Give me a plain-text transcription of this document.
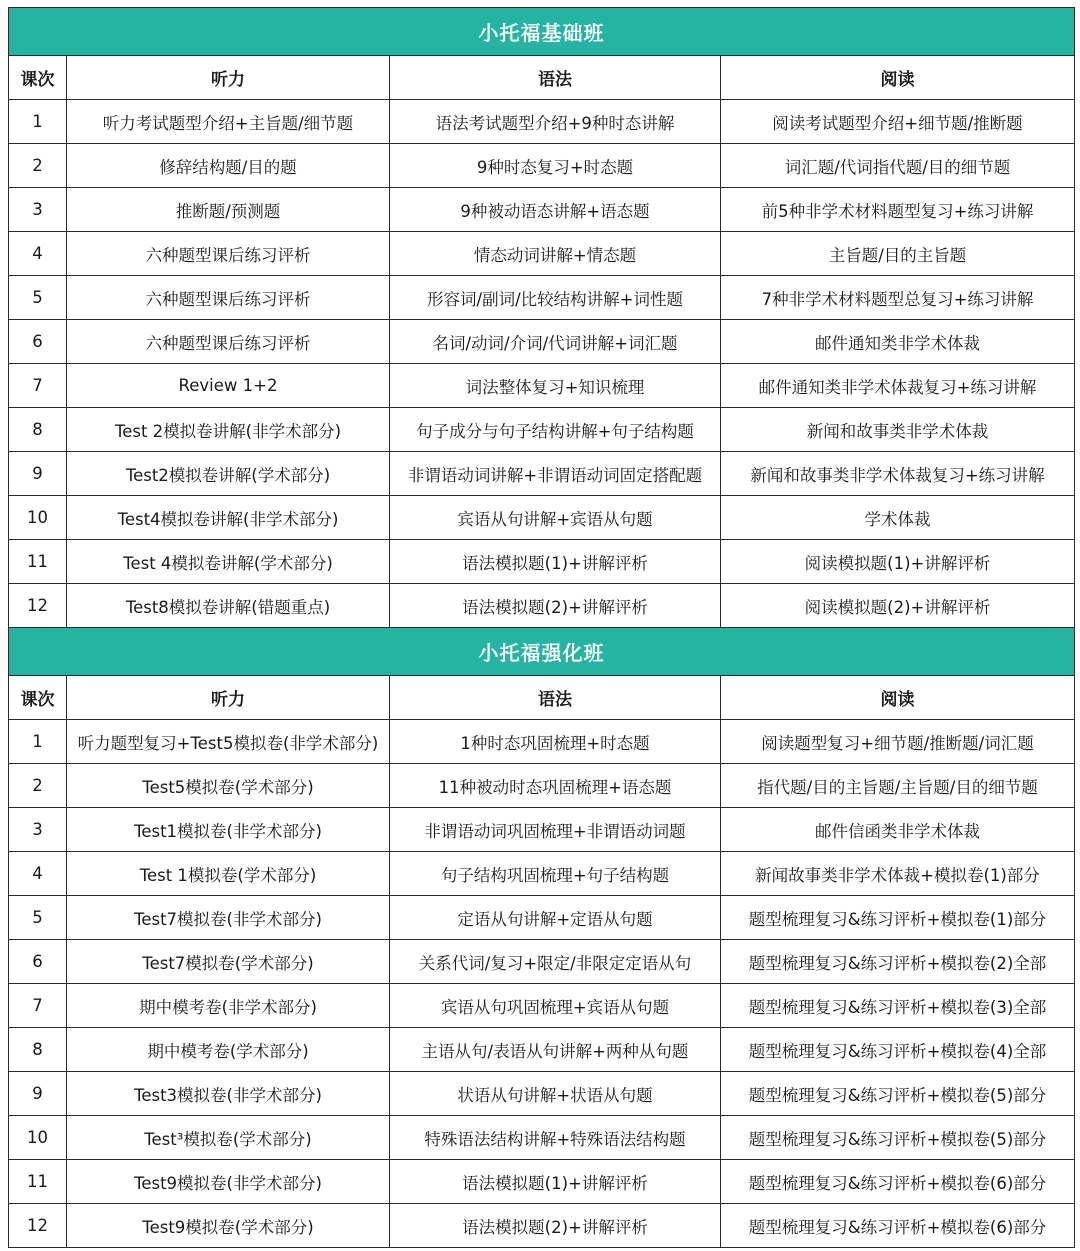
小托福基础班			
课次	听力	语法	阅读
1	听力考试题型介绍+主旨题/细节题	语法考试题型介绍+9种时态讲解	阅读考试题型介绍+细节题/推断题
2	修辞结构题/目的题	9种时态复习+时态题	词汇题/代词指代题/目的细节题
3	推断题/预测题	9种被动语态讲解+语态题	前5种非学术材料题型复习+练习讲解
4	六种题型课后练习评析	情态动词讲解+情态题	主旨题/目的主旨题
5	六种题型课后练习评析	形容词/副词/比较结构讲解+词性题	7种非学术材料题型总复习+练习讲解
6	六种题型课后练习评析	名词/动词/介词/代词讲解+词汇题	邮件通知类非学术体裁
7	Review 1+2	词法整体复习+知识梳理	邮件通知类非学术体裁复习+练习讲解
8	Test 2模拟卷讲解(非学术部分)	句子成分与句子结构讲解+句子结构题	新闻和故事类非学术体裁
9	Test2模拟卷讲解(学术部分)	非谓语动词讲解+非谓语动词固定搭配题	新闻和故事类非学术体裁复习+练习讲解
10	Test4模拟卷讲解(非学术部分)	宾语从句讲解+宾语从句题	学术体裁
11	Test 4模拟卷讲解(学术部分)	语法模拟题(1)+讲解评析	阅读模拟题(1)+讲解评析
12	Test8模拟卷讲解(错题重点)	语法模拟题(2)+讲解评析	阅读模拟题(2)+讲解评析
小托福强化班			
课次	听力	语法	阅读
1	听力题型复习+Test5模拟卷(非学术部分)	1种时态巩固梳理+时态题	阅读题型复习+细节题/推断题/词汇题
2	Test5模拟卷(学术部分)	11种被动时态巩固梳理+语态题	指代题/目的主旨题/主旨题/目的细节题
3	Test1模拟卷(非学术部分)	非谓语动词巩固梳理+非谓语动词题	邮件信函类非学术体裁
4	Test 1模拟卷(学术部分)	句子结构巩固梳理+句子结构题	新闻故事类非学术体裁+模拟卷(1)部分
5	Test7模拟卷(非学术部分)	定语从句讲解+定语从句题	题型梳理复习&练习评析+模拟卷(1)部分
6	Test7模拟卷(学术部分)	关系代词/复习+限定/非限定定语从句	题型梳理复习&练习评析+模拟卷(2)全部
7	期中模考卷(非学术部分)	宾语从句巩固梳理+宾语从句题	题型梳理复习&练习评析+模拟卷(3)全部
8	期中模考卷(学术部分)	主语从句/表语从句讲解+两种从句题	题型梳理复习&练习评析+模拟卷(4)全部
9	Test3模拟卷(非学术部分)	状语从句讲解+状语从句题	题型梳理复习&练习评析+模拟卷(5)部分
10	Test³模拟卷(学术部分)	特殊语法结构讲解+特殊语法结构题	题型梳理复习&练习评析+模拟卷(5)部分
11	Test9模拟卷(非学术部分)	语法模拟题(1)+讲解评析	题型梳理复习&练习评析+模拟卷(6)部分
12	Test9模拟卷(学术部分)	语法模拟题(2)+讲解评析	题型梳理复习&练习评析+模拟卷(6)部分
